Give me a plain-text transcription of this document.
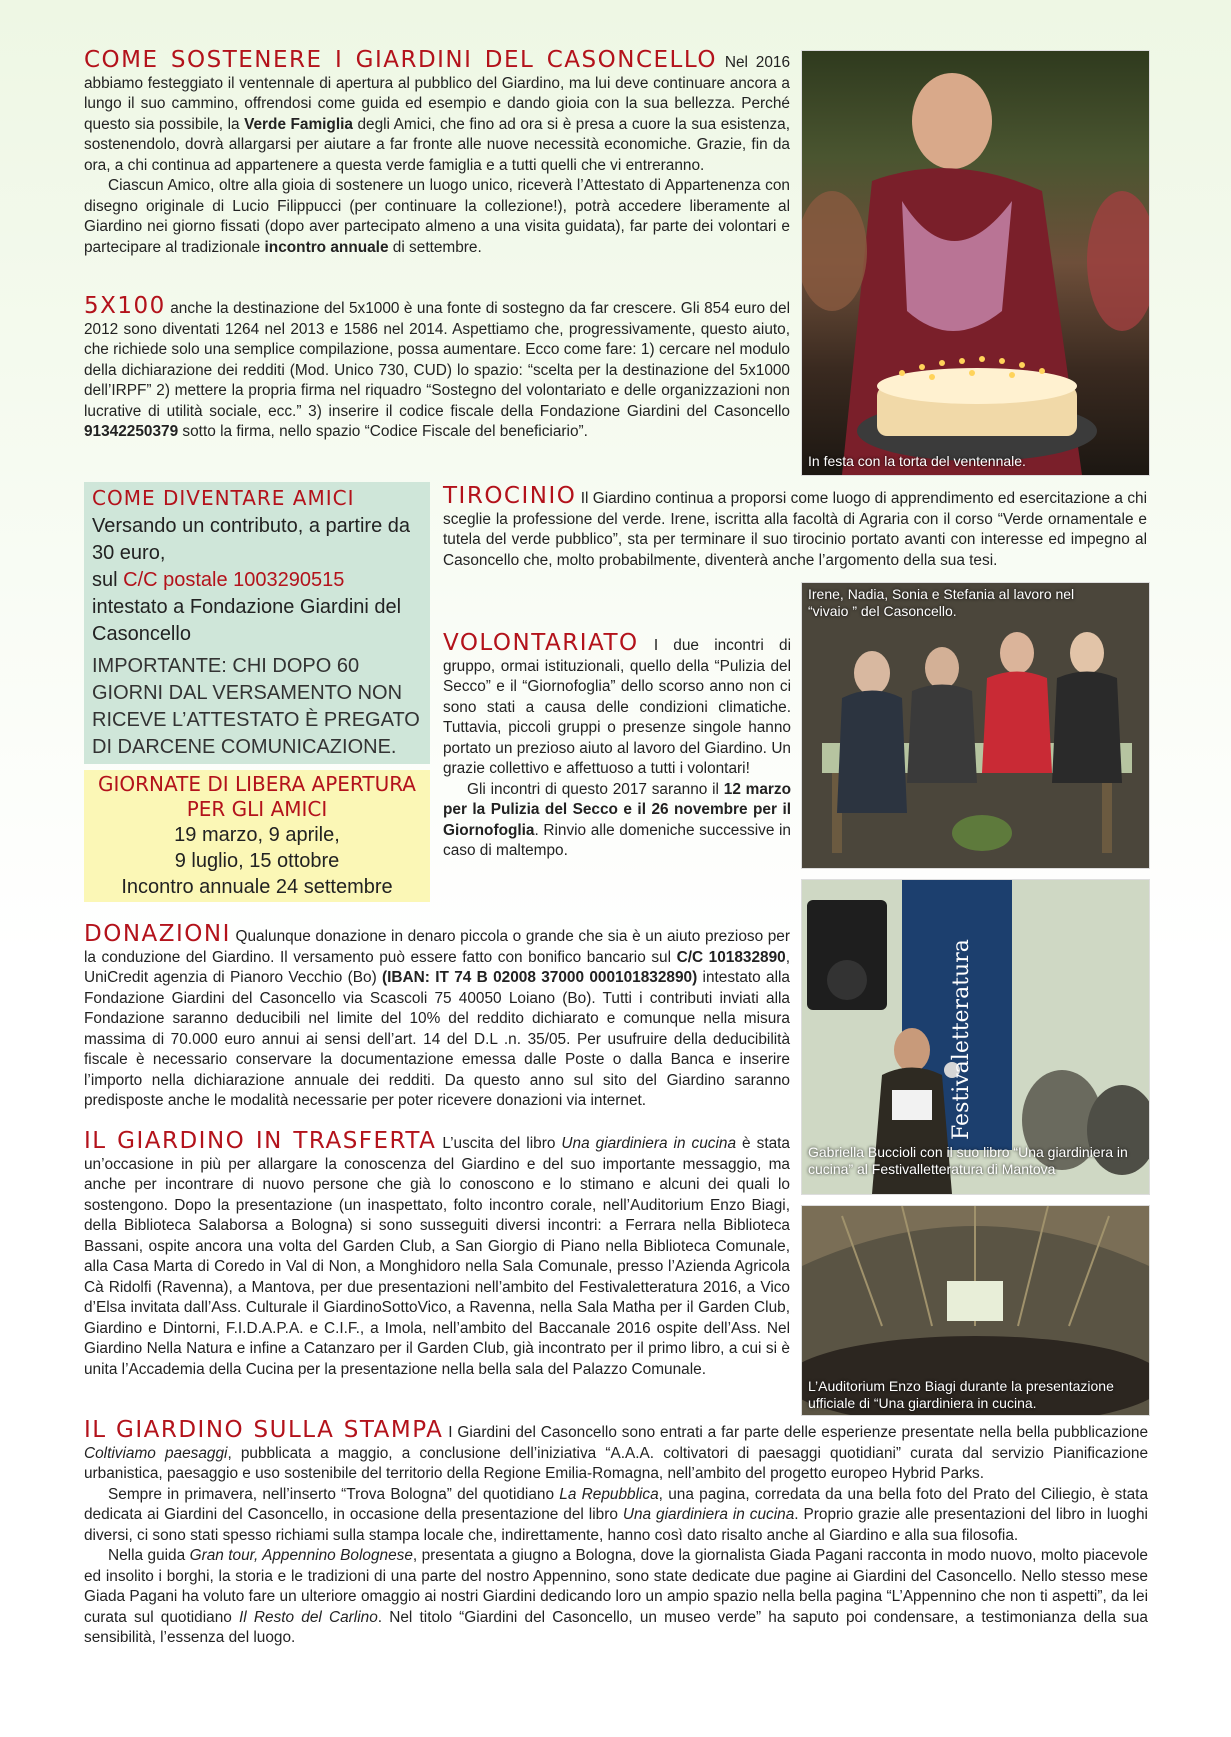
COME SOSTENERE I GIARDINI DEL CASONCELLO Nel 2016 abbiamo festeggiato il ventennale di apertura al pubblico del Giardino, ma lui deve continuare ancora a lungo il suo cammino, offrendosi come guida ed esempio e dando gioia con la sua bellezza. Perché questo sia possibile, la Verde Famiglia degli Amici, che fino ad ora si è presa a cuore la sua esistenza, sostenendolo, dovrà allargarsi per aiutare a far fronte alle nuove necessità economiche. Grazie, fin da ora, a chi continua ad appartenere a questa verde famiglia e a tutti quelli che vi entreranno.

Ciascun Amico, oltre alla gioia di sostenere un luogo unico, riceverà l’Attestato di Appartenenza con disegno originale di Lucio Filippucci (per continuare la collezione!), potrà accedere liberamente al Giardino nei giorno fissati (dopo aver partecipato almeno a una visita guidata), far parte dei volontari e partecipare al tradizionale incontro annuale di settembre.

5X100 anche la destinazione del 5x1000 è una fonte di sostegno da far crescere. Gli 854 euro del 2012 sono diventati 1264 nel 2013 e 1586 nel 2014. Aspettiamo che, progressivamente, questo aiuto, che richiede solo una semplice compilazione, possa aumentare. Ecco come fare: 1) cercare nel modulo della dichiarazione dei redditi (Mod. Unico 730, CUD) lo spazio: “scelta per la destinazione del 5x1000 dell’IRPF” 2) mettere la propria firma nel riquadro “Sostegno del volontariato e delle organizzazioni non lucrative di utilità sociale, ecc.” 3) inserire il codice fiscale della Fondazione Giardini del Casoncello 91342250379 sotto la firma, nello spazio “Codice Fiscale del beneficiario”.

In festa con la torta del ventennale.
COME DIVENTARE AMICI
Versando un contributo, a partire da 30 euro,
sul C/C postale 1003290515
intestato a Fondazione Giardini del Casoncello
IMPORTANTE: CHI DOPO 60 GIORNI DAL VERSAMENTO NON RICEVE L’ATTESTATO È PREGATO DI DARCENE COMUNICAZIONE.
GIORNATE DI LIBERA APERTURA PER GLI AMICI
19 marzo, 9 aprile,
9 luglio, 15 ottobre
Incontro annuale 24 settembre

TIROCINIO Il Giardino continua a proporsi come luogo di apprendimento ed esercitazione a chi sceglie la professione del verde. Irene, iscritta alla facoltà di Agraria con il corso “Verde ornamentale e tutela del verde pubblico”, sta per terminare il suo tirocinio portato avanti con interesse ed impegno al Casoncello che, molto probabilmente, diventerà anche l’argomento della sua tesi.

VOLONTARIATO I due incontri di gruppo, ormai istituzionali, quello della “Pulizia del Secco” e il “Giornofoglia” dello scorso anno non ci sono stati a causa delle condizioni climatiche. Tuttavia, piccoli gruppi o presenze singole hanno portato un prezioso aiuto al lavoro del Giardino. Un grazie collettivo e affettuoso a tutti i volontari!

Gli incontri di questo 2017 saranno il 12 marzo per la Pulizia del Secco e il 26 novembre per il Giornofoglia. Rinvio alle domeniche successive in caso di maltempo.

Irene, Nadia, Sonia e Stefania al lavoro nel “vivaio ” del Casoncello.
Festivaletteratura
Gabriella Buccioli con il suo libro “Una giardiniera in cucina” al Festivalletteratura di Mantova

DONAZIONI Qualunque donazione in denaro piccola o grande che sia è un aiuto prezioso per la conduzione del Giardino. Il versamento può essere fatto con bonifico bancario sul C/C 101832890, UniCredit agenzia di Pianoro Vecchio (Bo) (IBAN: IT 74 B 02008 37000 000101832890) intestato alla Fondazione Giardini del Casoncello via Scascoli 75 40050 Loiano (Bo). Tutti i contributi inviati alla Fondazione saranno deducibili nel limite del 10% del reddito dichiarato e comunque nella misura massima di 70.000 euro annui ai sensi dell’art. 14 del D.L .n. 35/05. Per usufruire della deducibilità fiscale è necessario conservare la documentazione emessa dalle Poste o dalla Banca e inserire l’importo nella dichiarazione annuale dei redditi. Da questo anno sul sito del Giardino saranno predisposte anche le modalità necessarie per poter ricevere donazioni via internet.

IL GIARDINO IN TRASFERTA L’uscita del libro Una giardiniera in cucina è stata un’occasione in più per allargare la conoscenza del Giardino e del suo importante messaggio, ma anche per incontrare di nuovo persone che già lo conoscono e lo stimano e alcuni dei quali lo sostengono. Dopo la presentazione (un inaspettato, folto incontro corale, nell’Auditorium Enzo Biagi, della Biblioteca Salaborsa a Bologna) si sono susseguiti diversi incontri: a Ferrara nella Biblioteca Bassani, ospite ancora una volta del Garden Club, a San Giorgio di Piano nella Biblioteca Comunale, alla Casa Marta di Coredo in Val di Non, a Monghidoro nella Sala Comunale, presso l’Azienda Agricola Cà Ridolfi (Ravenna), a Mantova, per due presentazioni nell’ambito del Festivaletteratura 2016, a Vico d’Elsa invitata dall’Ass. Culturale il GiardinoSottoVico, a Ravenna, nella Sala Matha per il Garden Club, Giardino e Dintorni, F.I.D.A.P.A. e C.I.F., a Imola, nell’ambito del Baccanale 2016 ospite dell’Ass. Nel Giardino Nella Natura e infine a Catanzaro per il Garden Club, già incontrato per il primo libro, a cui si è unita l’Accademia della Cucina per la presentazione nella bella sala del Palazzo Comunale.

L’Auditorium Enzo Biagi durante la presentazione ufficiale di “Una giardiniera in cucina.

IL GIARDINO SULLA STAMPA I Giardini del Casoncello sono entrati a far parte delle esperienze presentate nella bella pubblicazione Coltiviamo paesaggi, pubblicata a maggio, a conclusione dell’iniziativa “A.A.A. coltivatori di paesaggi quotidiani” curata dal servizio Pianificazione urbanistica, paesaggio e uso sostenibile del territorio della Regione Emilia-Romagna, nell’ambito del progetto europeo Hybrid Parks.

Sempre in primavera, nell’inserto “Trova Bologna” del quotidiano La Repubblica, una pagina, corredata da una bella foto del Prato del Ciliegio, è stata dedicata ai Giardini del Casoncello, in occasione della presentazione del libro Una giardiniera in cucina. Proprio grazie alle presentazioni del libro in luoghi diversi, ci sono stati spesso richiami sulla stampa locale che, indirettamente, hanno così dato risalto anche al Giardino e alla sua filosofia.

Nella guida Gran tour, Appennino Bolognese, presentata a giugno a Bologna, dove la giornalista Giada Pagani racconta in modo nuovo, molto piacevole ed insolito i borghi, la storia e le tradizioni di una parte del nostro Appennino, sono state dedicate due pagine ai Giardini del Casoncello. Nello stesso mese Giada Pagani ha voluto fare un ulteriore omaggio ai nostri Giardini dedicando loro un ampio spazio nella bella pagina “L’Appennino che non ti aspetti”, da lei curata sul quotidiano Il Resto del Carlino. Nel titolo “Giardini del Casoncello, un museo verde” ha saputo poi condensare, a testimonianza della sua sensibilità, l’essenza del luogo.
